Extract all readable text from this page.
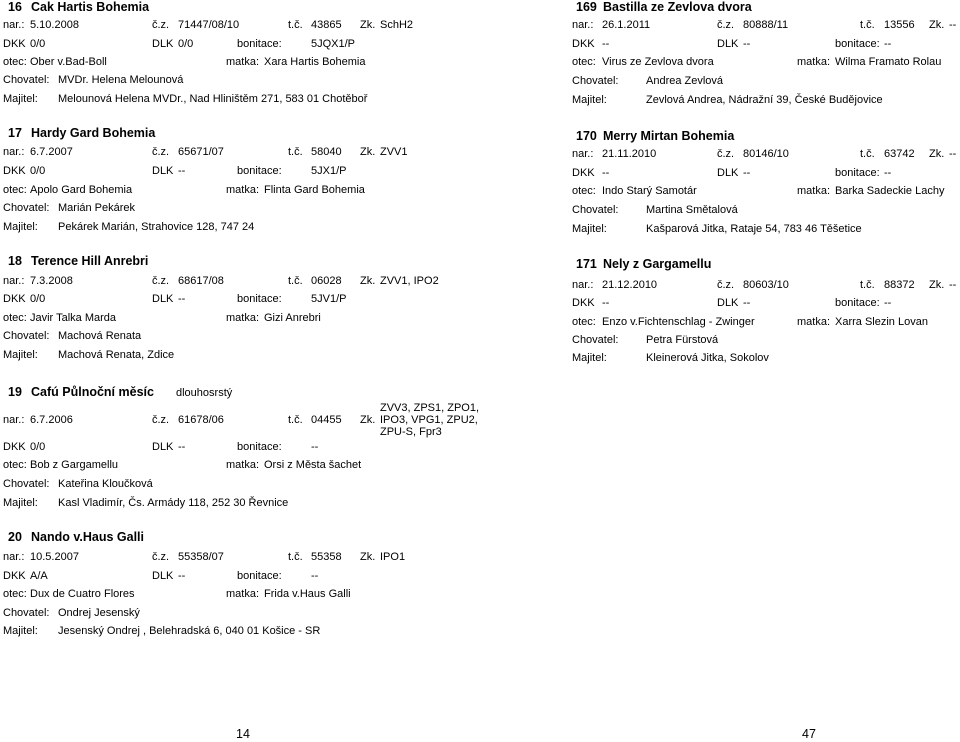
16 Cak Hartis Bohemia
nar.: 5.10.2008	č.z. 71447/08/10	t.č. 43865 Zk. SchH2
DKK 0/0	DLK 0/0	bonitace:	5JQX1/P
otec: Ober v.Bad-Boll	matka: Xara Hartis Bohemia
Chovatel: MVDr. Helena Melounová
Majitel: Melounová Helena MVDr., Nad Hliništěm 271, 583 01 Chotěboř
17 Hardy Gard Bohemia
nar.: 6.7.2007	č.z. 65671/07	t.č. 58040 Zk. ZVV1
DKK 0/0	DLK --	bonitace:	5JX1/P
otec: Apolo Gard Bohemia	matka: Flinta Gard Bohemia
Chovatel: Marián Pekárek
Majitel: Pekárek Marián, Strahovice 128, 747 24
18 Terence Hill Anrebri
nar.: 7.3.2008	č.z. 68617/08	t.č. 06028 Zk. ZVV1, IPO2
DKK 0/0	DLK --	bonitace:	5JV1/P
otec: Javir Talka Marda	matka: Gizi Anrebri
Chovatel: Machová Renata
Majitel: Machová Renata, Zdice
19 Cafú Půlnoční měsíc dlouhosrstý
nar.: 6.7.2006	č.z. 61678/06	t.č. 04455 Zk.
ZVV3, ZPS1, ZPO1, IPO3, VPG1, ZPU2, ZPU-S, Fpr3
DKK 0/0	DLK --	bonitace:	--
otec: Bob z Gargamellu	matka: Orsi z Města šachet
Chovatel: Kateřina Kloučková
Majitel: Kasl Vladimír, Čs. Armády 118, 252 30 Řevnice
20 Nando v.Haus Galli
nar.: 10.5.2007	č.z. 55358/07	t.č. 55358 Zk. IPO1
DKK A/A	DLK --	bonitace:	--
otec: Dux de Cuatro Flores	matka: Frida v.Haus Galli
Chovatel: Ondrej Jesenský
Majitel: Jesenský Ondrej , Belehradská 6, 040 01 Košice - SR
14
169 Bastilla ze Zevlova dvora
nar.: 26.1.2011	č.z. 80888/11	t.č. 13556 Zk. --
DKK --	DLK --	bonitace: --
otec: Virus ze Zevlova dvora	matka: Wilma Framato Rolau
Chovatel:	Andrea Zevlová
Majitel:	Zevlová Andrea, Nádražní 39, České Budějovice
170 Merry Mirtan Bohemia
nar.: 21.11.2010	č.z. 80146/10	t.č. 63742 Zk. --
DKK --	DLK --	bonitace: --
otec: Indo Starý Samotár	matka: Barka Sadeckie Lachy
Chovatel:	Martina Smětalová
Majitel:	Kašparová Jitka, Rataje 54, 783 46 Těšetice
171 Nely z Gargamellu
nar.: 21.12.2010	č.z. 80603/10	t.č. 88372 Zk. --
DKK --	DLK --	bonitace: --
otec: Enzo v.Fichtenschlag - Zwinger	matka: Xarra Slezin Lovan
Chovatel:	Petra Fürstová
Majitel:	Kleinerová Jitka, Sokolov
47
